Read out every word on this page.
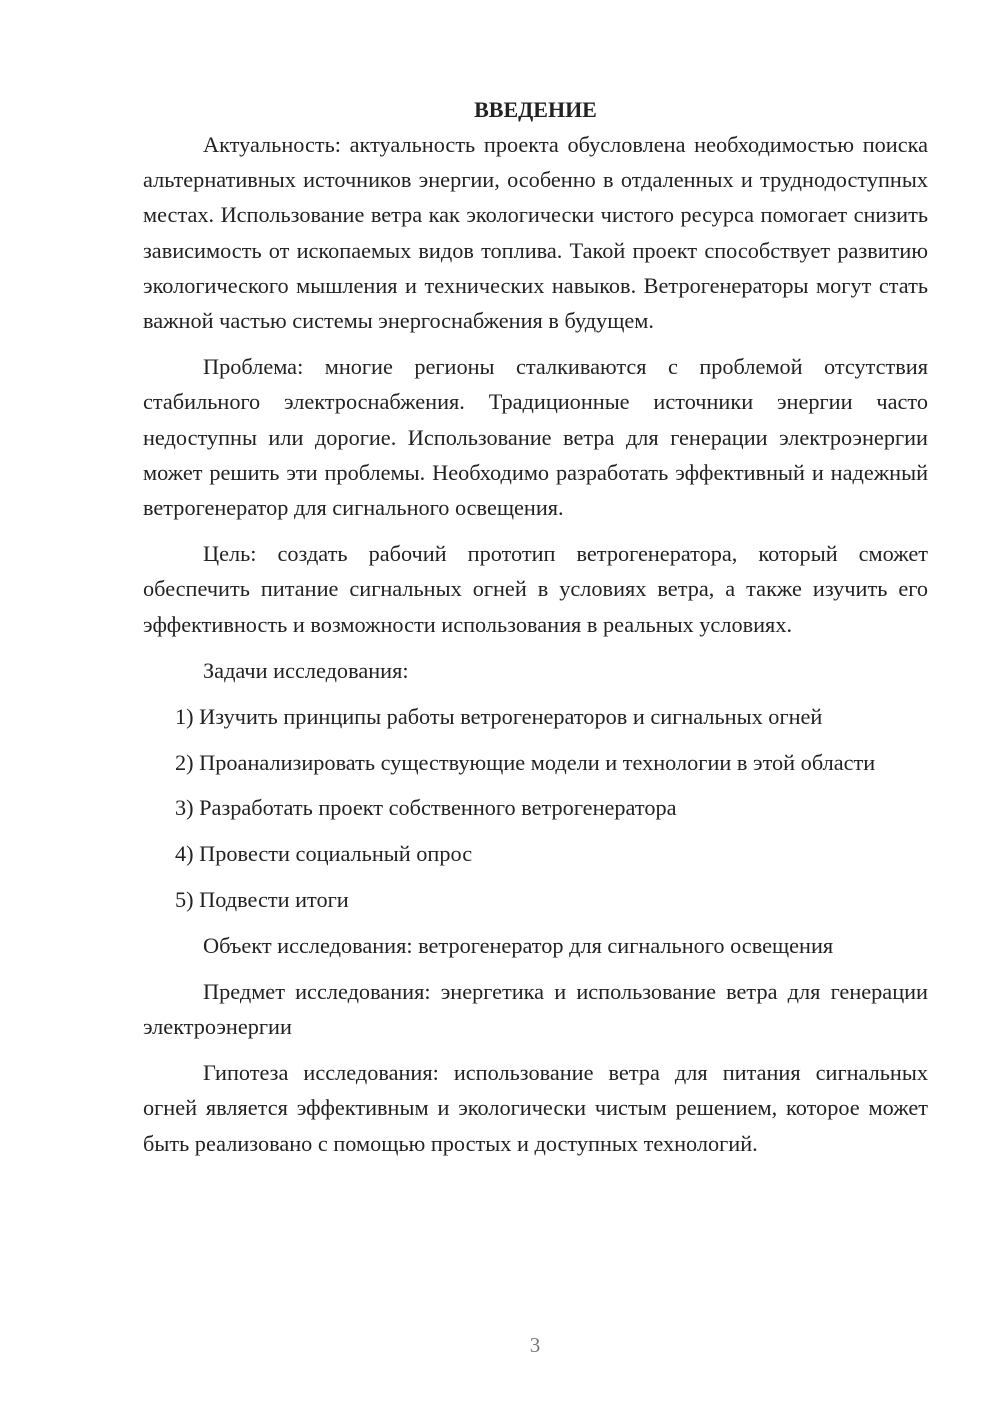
ВВЕДЕНИЕ

Актуальность: актуальность проекта обусловлена необходимостью поиска альтернативных источников энергии, особенно в отдаленных и труднодоступных местах. Использование ветра как экологически чистого ресурса помогает снизить зависимость от ископаемых видов топлива. Такой проект способствует развитию экологического мышления и технических навыков. Ветрогенераторы могут стать важной частью системы энергоснабжения в будущем.

Проблема: многие регионы сталкиваются с проблемой отсутствия стабильного электроснабжения. Традиционные источники энергии часто недоступны или дорогие. Использование ветра для генерации электроэнергии может решить эти проблемы. Необходимо разработать эффективный и надежный ветрогенератор для сигнального освещения.

Цель: создать рабочий прототип ветрогенератора, который сможет обеспечить питание сигнальных огней в условиях ветра, а также изучить его эффективность и возможности использования в реальных условиях.

Задачи исследования:

1) Изучить принципы работы ветрогенераторов и сигнальных огней

2) Проанализировать существующие модели и технологии в этой области

3) Разработать проект собственного ветрогенератора

4) Провести социальный опрос

5) Подвести итоги

Объект исследования: ветрогенератор для сигнального освещения

Предмет исследования: энергетика и использование ветра для генерации электроэнергии

Гипотеза исследования: использование ветра для питания сигнальных огней является эффективным и экологически чистым решением, которое может быть реализовано с помощью простых и доступных технологий.

3
